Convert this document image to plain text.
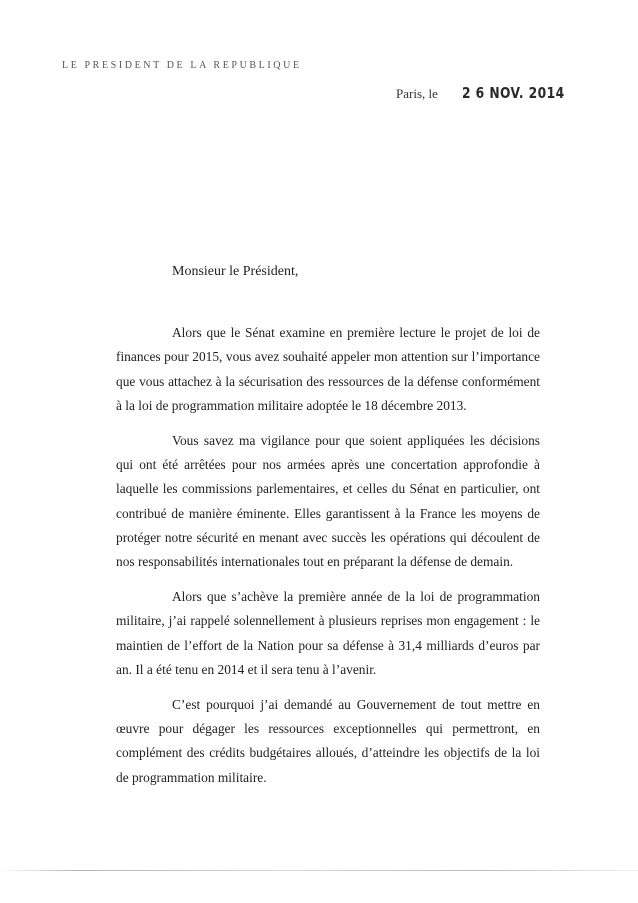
LE PRESIDENT DE LA REPUBLIQUE
Paris, le 2 6 NOV. 2014
Monsieur le Président,

Alors que le Sénat examine en première lecture le projet de loi de finances pour 2015, vous avez souhaité appeler mon attention sur l’importance que vous attachez à la sécurisation des ressources de la défense conformément à la loi de programmation militaire adoptée le 18 décembre 2013.

Vous savez ma vigilance pour que soient appliquées les décisions qui ont été arrêtées pour nos armées après une concertation approfondie à laquelle les commissions parlementaires, et celles du Sénat en particulier, ont contribué de manière éminente. Elles garantissent à la France les moyens de protéger notre sécurité en menant avec succès les opérations qui découlent de nos responsabilités internationales tout en préparant la défense de demain.

Alors que s’achève la première année de la loi de programmation militaire, j’ai rappelé solennellement à plusieurs reprises mon engagement : le maintien de l’effort de la Nation pour sa défense à 31,4 milliards d’euros par an. Il a été tenu en 2014 et il sera tenu à l’avenir.

C’est pourquoi j’ai demandé au Gouvernement de tout mettre en œuvre pour dégager les ressources exceptionnelles qui permettront, en complément des crédits budgétaires alloués, d’atteindre les objectifs de la loi de programmation militaire.
